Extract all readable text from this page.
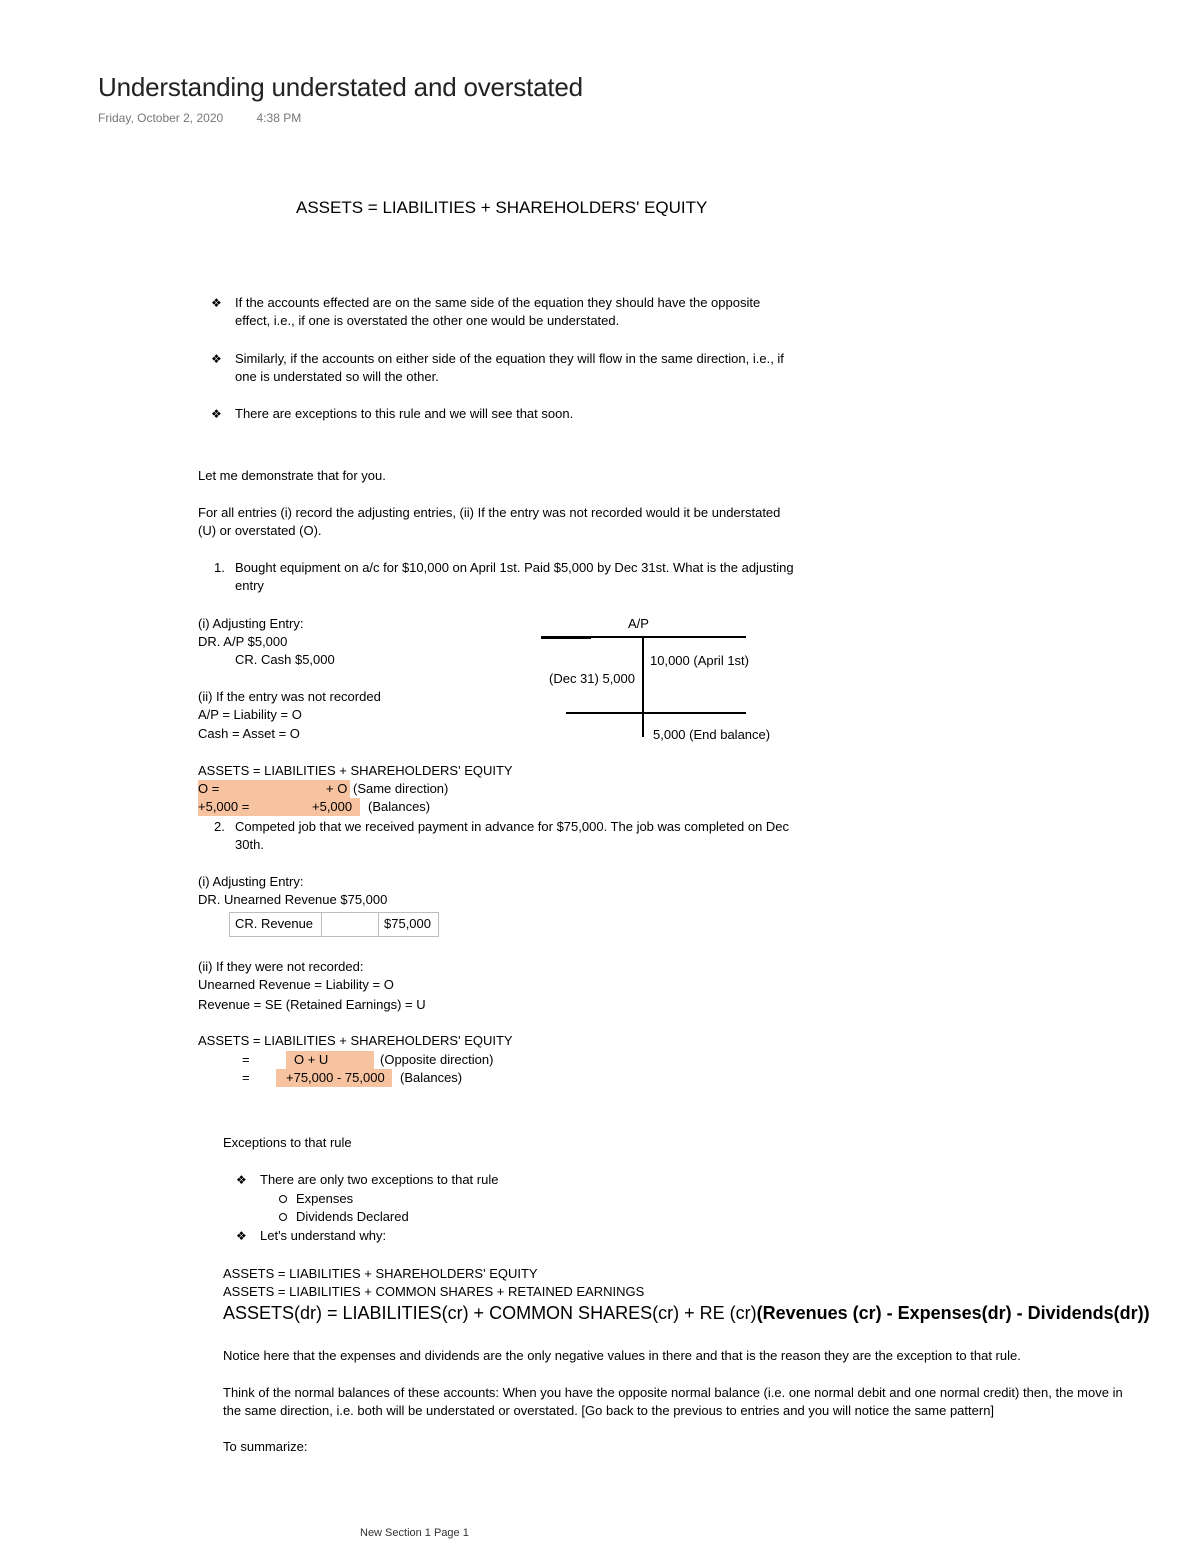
Understanding understated and overstated
Friday, October 2, 2020	4:38 PM
ASSETS = LIABILITIES + SHAREHOLDERS' EQUITY
❖ If the accounts effected are on the same side of the equation they should have the opposite
effect, i.e., if one is overstated the other one would be understated.
❖ Similarly, if the accounts on either side of the equation they will flow in the same direction, i.e., if
one is understated so will the other.
❖ There are exceptions to this rule and we will see that soon.
Let me demonstrate that for you.
For all entries (i) record the adjusting entries, (ii) If the entry was not recorded would it be understated
(U) or overstated (O).
1. Bought equipment on a/c for $10,000 on April 1st. Paid $5,000 by Dec 31st. What is the adjusting
entry
(i) Adjusting Entry:
DR. A/P $5,000
CR. Cash $5,000
(ii) If the entry was not recorded
A/P = Liability = O
Cash = Asset = O
A/P
10,000 (April 1st)
(Dec 31) 5,000
5,000 (End balance)
ASSETS = LIABILITIES + SHAREHOLDERS' EQUITY
O =	+ O (Same direction)
+5,000 =	+5,000 (Balances)
2. Competed job that we received payment in advance for $75,000. The job was completed on Dec
30th.
(i) Adjusting Entry:
DR. Unearned Revenue $75,000
CR. Revenue	$75,000
(ii) If they were not recorded:
Unearned Revenue = Liability = O
Revenue = SE (Retained Earnings) = U
ASSETS = LIABILITIES + SHAREHOLDERS' EQUITY
=	O + U	(Opposite direction)
=	+75,000 - 75,000	(Balances)
Exceptions to that rule
❖ There are only two exceptions to that rule
Expenses
Dividends Declared
❖ Let's understand why:
ASSETS = LIABILITIES + SHAREHOLDERS' EQUITY
ASSETS = LIABILITIES + COMMON SHARES + RETAINED EARNINGS
ASSETS(dr) = LIABILITIES(cr) + COMMON SHARES(cr) + RE (cr)(Revenues (cr) - Expenses(dr) - Dividends(dr))
Notice here that the expenses and dividends are the only negative values in there and that is the reason they are the exception to that rule.
Think of the normal balances of these accounts: When you have the opposite normal balance (i.e. one normal debit and one normal credit) then, the move in
the same direction, i.e. both will be understated or overstated. [Go back to the previous to entries and you will notice the same pattern]
To summarize:
New Section 1 Page 1
